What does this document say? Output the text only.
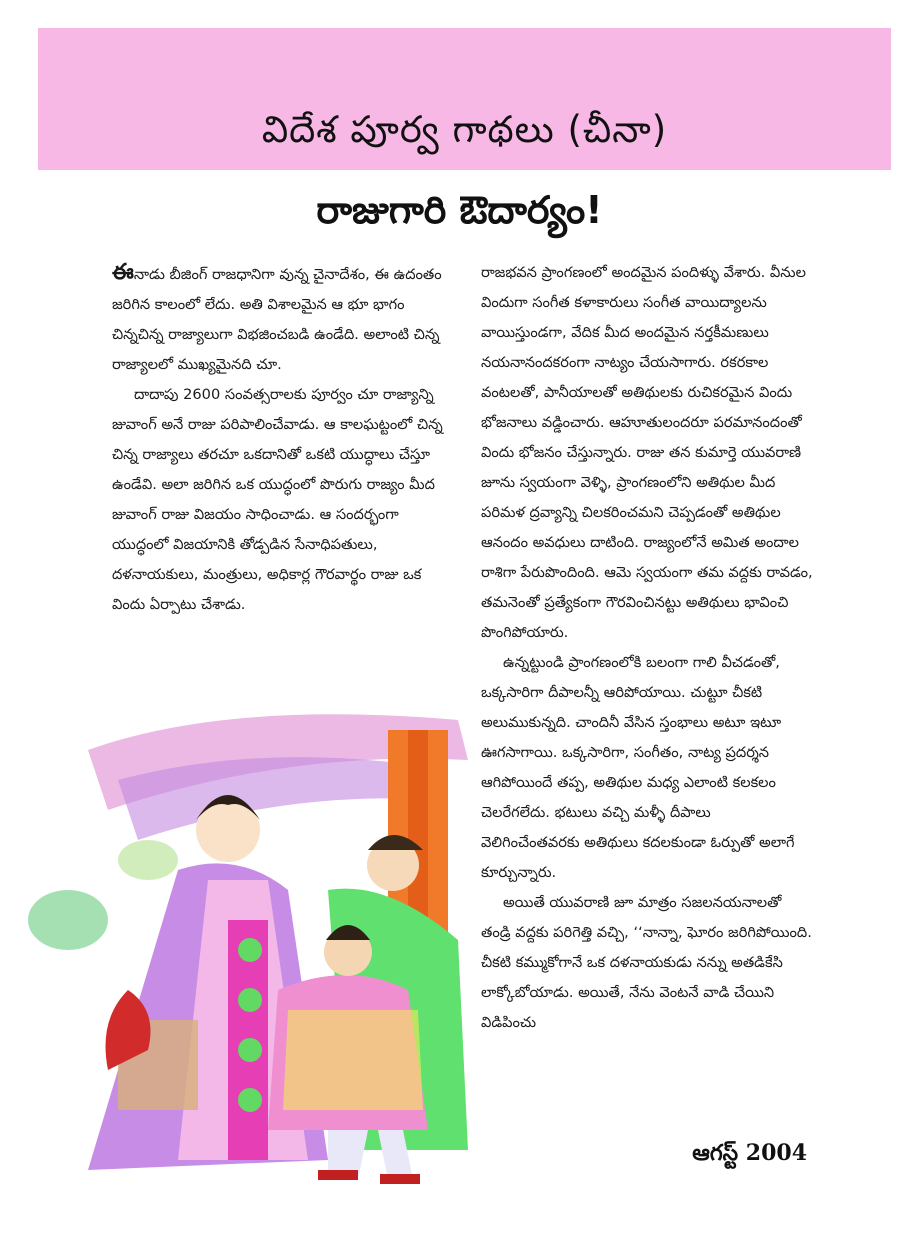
విదేశ పూర్వ గాథలు (చీనా)
రాజుగారి ఔదార్యం!

ఈనాడు బీజింగ్ రాజధానిగా వున్న చైనాదేశం, ఈ ఉదంతం జరిగిన కాలంలో లేదు. అతి విశాలమైన ఆ భూ భాగం చిన్నచిన్న రాజ్యాలుగా విభజించబడి ఉండేది. అలాంటి చిన్న రాజ్యాలలో ముఖ్యమైనది చూ.

దాదాపు 2600 సంవత్సరాలకు పూర్వం చూ రాజ్యాన్ని జువాంగ్ అనే రాజు పరిపాలించేవాడు. ఆ కాలఘట్టంలో చిన్న చిన్న రాజ్యాలు తరచూ ఒకదానితో ఒకటి యుద్ధాలు చేస్తూ ఉండేవి. అలా జరిగిన ఒక యుద్ధంలో పొరుగు రాజ్యం మీద జువాంగ్ రాజు విజయం సాధించాడు. ఆ సందర్భంగా యుద్ధంలో విజయానికి తోడ్పడిన సేనాధిపతులు, దళనాయకులు, మంత్రులు, అధికార్ల గౌరవార్థం రాజు ఒక విందు ఏర్పాటు చేశాడు.

రాజభవన ప్రాంగణంలో అందమైన పందిళ్ళు వేశారు. వీనుల విందుగా సంగీత కళాకారులు సంగీత వాయిద్యాలను వాయిస్తుండగా, వేదిక మీద అందమైన నర్తకీమణులు నయనానందకరంగా నాట్యం చేయసాగారు. రకరకాల వంటలతో, పానీయాలతో అతిథులకు రుచికరమైన విందు భోజనాలు వడ్డించారు. ఆహూతులందరూ పరమానందంతో విందు భోజనం చేస్తున్నారు. రాజు తన కుమార్తె యువరాణి జూను స్వయంగా వెళ్ళి, ప్రాంగణంలోని అతిథుల మీద పరిమళ ద్రవ్యాన్ని చిలకరించమని చెప్పడంతో అతిథుల ఆనందం అవధులు దాటింది. రాజ్యంలోనే అమిత అందాల రాశిగా పేరుపొందింది. ఆమె స్వయంగా తమ వద్దకు రావడం, తమనెంతో ప్రత్యేకంగా గౌరవించినట్టు అతిథులు భావించి పొంగిపోయారు.

ఉన్నట్టుండి ప్రాంగణంలోకి బలంగా గాలి వీచడంతో, ఒక్కసారిగా దీపాలన్నీ ఆరిపోయాయి. చుట్టూ చీకటి అలుముకున్నది. చాందినీ వేసిన స్తంభాలు అటూ ఇటూ ఊగసాగాయి. ఒక్కసారిగా, సంగీతం, నాట్య ప్రదర్శన ఆగిపోయిందే తప్ప, అతిథుల మధ్య ఎలాంటి కలకలం చెలరేగలేదు. భటులు వచ్చి మళ్ళీ దీపాలు వెలిగించేంతవరకు అతిథులు కదలకుండా ఓర్పుతో అలాగే కూర్చున్నారు.

అయితే యువరాణి జూ మాత్రం సజలనయనాలతో తండ్రి వద్దకు పరిగెత్తి వచ్చి, ‘‘నాన్నా, ఘోరం జరిగిపోయింది. చీకటి కమ్ముకోగానే ఒక దళనాయకుడు నన్ను అతడికేసి లాక్కోబోయాడు. అయితే, నేను వెంటనే వాడి చేయిని విడిపించు

ఆగస్ట్ 2004
